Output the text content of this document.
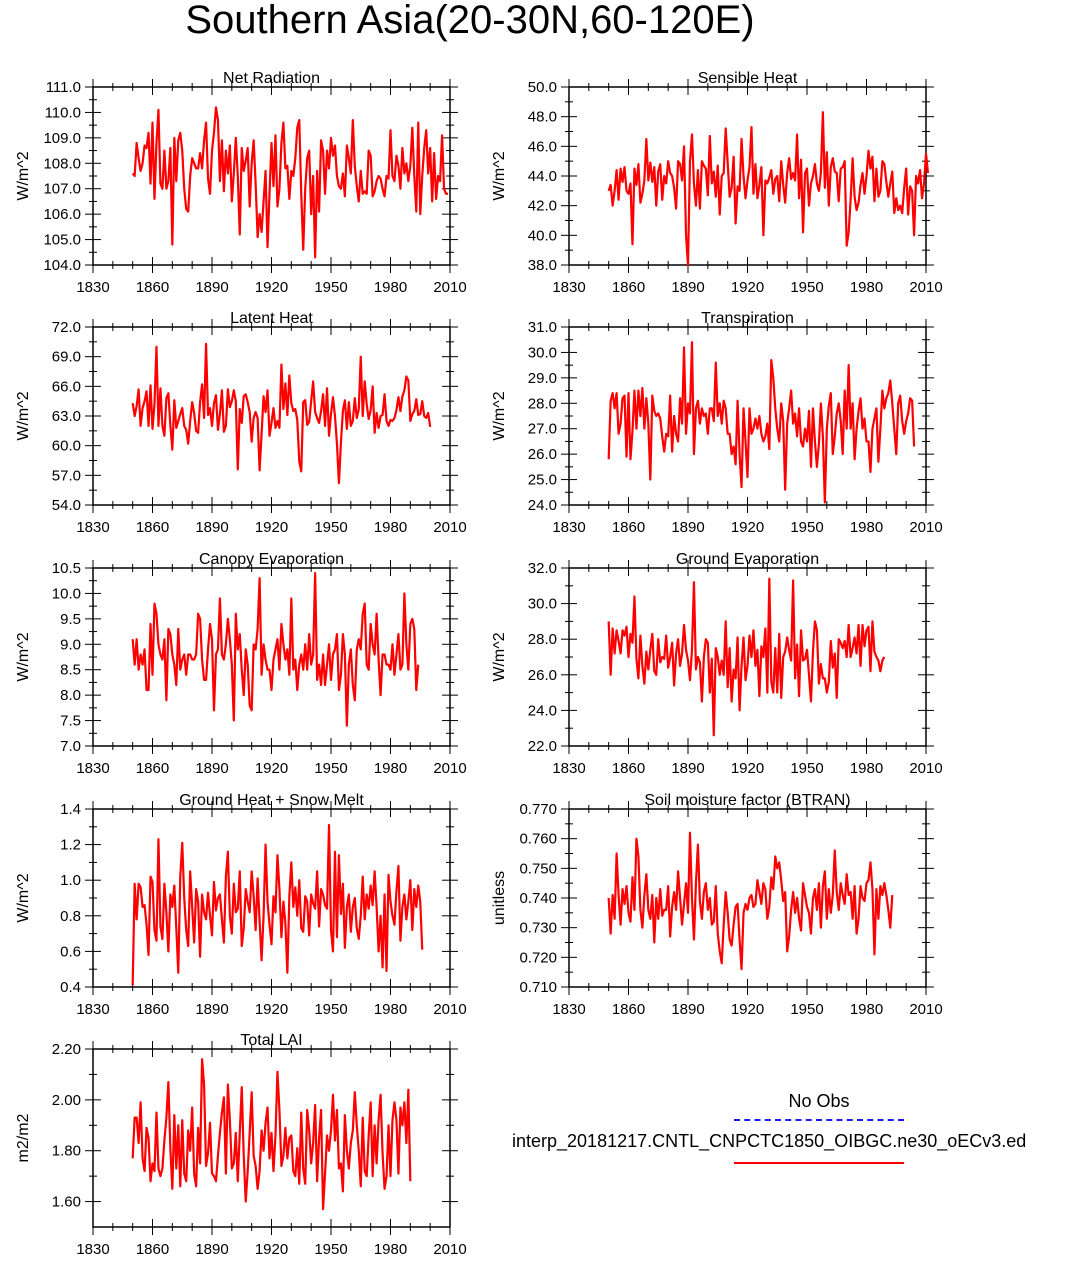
Southern Asia(20-30N,60-120E)
Net Radiation
1830 1860 1890 1920 1950 1980 2010
104.0
105.0
106.0
107.0
108.0
109.0
110.0
111.0
W/m^2
Sensible Heat
1830 1860 1890 1920 1950 1980 2010
38.0
40.0
42.0
44.0
46.0
48.0
50.0
W/m^2
Latent Heat
1830 1860 1890 1920 1950 1980 2010
54.0
57.0
60.0
63.0
66.0
69.0
72.0
W/m^2
Transpiration
1830 1860 1890 1920 1950 1980 2010
24.0
25.0
26.0
27.0
28.0
29.0
30.0
31.0
W/m^2
Canopy Evaporation
1830 1860 1890 1920 1950 1980 2010
7.0
7.5
8.0
8.5
9.0
9.5
10.0
10.5
W/m^2
Ground Evaporation
1830 1860 1890 1920 1950 1980 2010
22.0
24.0
26.0
28.0
30.0
32.0
W/m^2
Ground Heat + Snow Melt
1830 1860 1890 1920 1950 1980 2010
0.4
0.6
0.8
1.0
1.2
1.4
W/m^2
Soil moisture factor (BTRAN)
1830 1860 1890 1920 1950 1980 2010
0.710
0.720
0.730
0.740
0.750
0.760
0.770
unitless
Total LAI
1830 1860 1890 1920 1950 1980 2010
1.60
1.80
2.00
2.20
m2/m2
No Obs
interp_20181217.CNTL_CNPCTC1850_OIBGC.ne30_oECv3.ed
